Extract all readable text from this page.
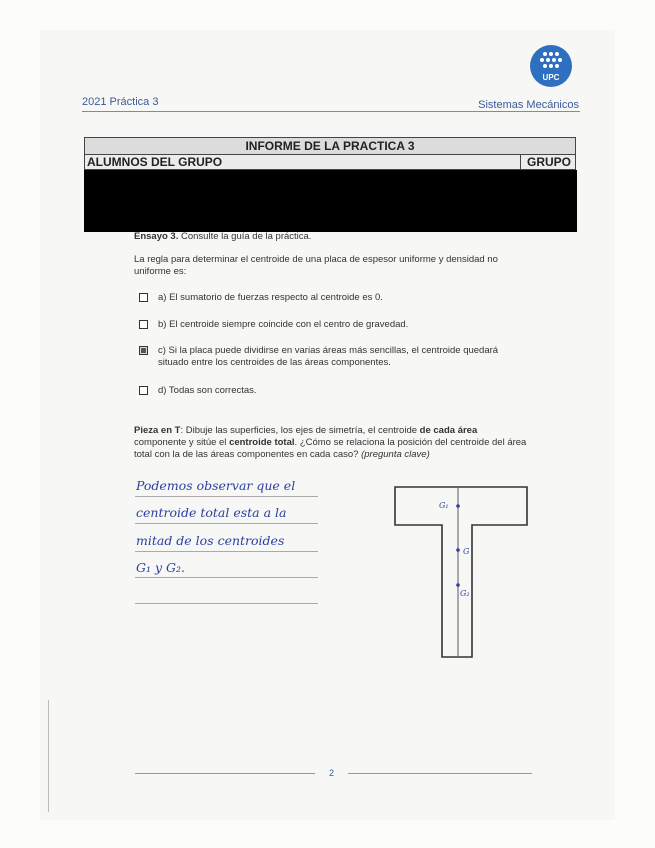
UPC
2021 Práctica 3	Sistemas Mecánicos
INFORME DE LA PRACTICA 3
ALUMNOS DEL GRUPO	GRUPO
Ensayo 3. Consulte la guía de la práctica.
La regla para determinar el centroide de una placa de espesor uniforme y densidad no uniforme es:
a) El sumatorio de fuerzas respecto al centroide es 0.
b) El centroide siempre coincide con el centro de gravedad.
c) Si la placa puede dividirse en varias áreas más sencillas, el centroide quedará situado entre los centroides de las áreas componentes.
d) Todas son correctas.
Pieza en T: Dibuje las superficies, los ejes de simetría, el centroide de cada área componente y sitúe el centroide total. ¿Cómo se relaciona la posición del centroide del área total con la de las áreas componentes en cada caso? (pregunta clave)
Podemos observar que el
centroide total esta a la
mitad de los centroides
G₁ y G₂.
G₁
G
G₂
2
